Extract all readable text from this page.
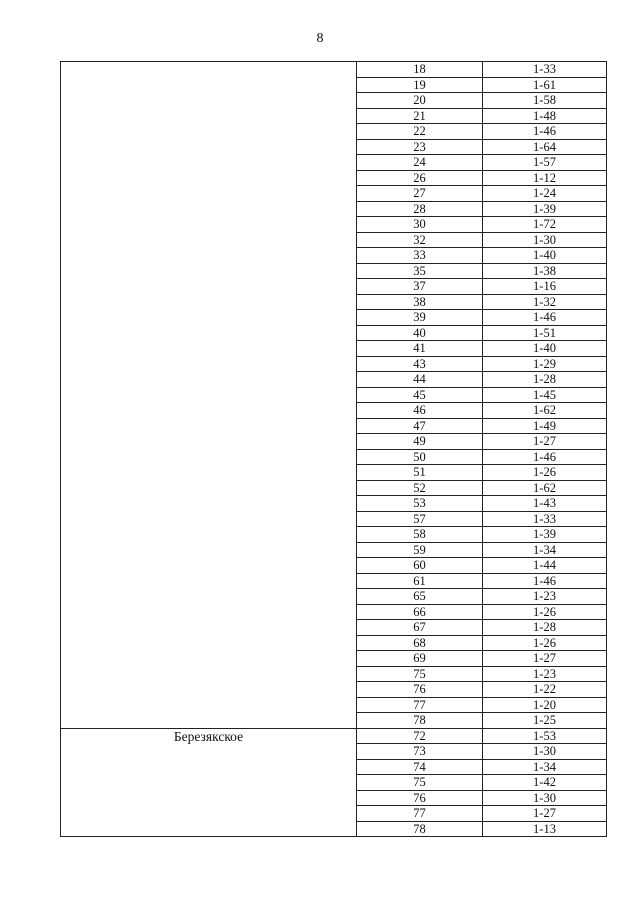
8
	18	1-33
	19	1-61
	20	1-58
	21	1-48
	22	1-46
	23	1-64
	24	1-57
	26	1-12
	27	1-24
	28	1-39
	30	1-72
	32	1-30
	33	1-40
	35	1-38
	37	1-16
	38	1-32
	39	1-46
	40	1-51
	41	1-40
	43	1-29
	44	1-28
	45	1-45
	46	1-62
	47	1-49
	49	1-27
	50	1-46
	51	1-26
	52	1-62
	53	1-43
	57	1-33
	58	1-39
	59	1-34
	60	1-44
	61	1-46
	65	1-23
	66	1-26
	67	1-28
	68	1-26
	69	1-27
	75	1-23
	76	1-22
	77	1-20
	78	1-25
Березякское	72	1-53
	73	1-30
	74	1-34
	75	1-42
	76	1-30
	77	1-27
	78	1-13
